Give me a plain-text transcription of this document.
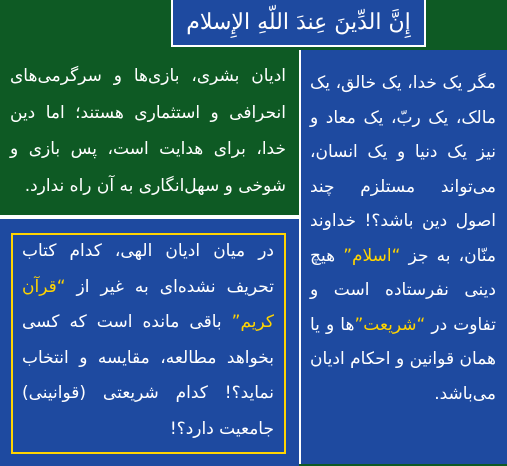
إِنَّ الدِّینَ عِندَ اللّهِ الإِسلام
مگر یک خدا، یک خالق، یک مالک، یک ربّ، یک معاد و نیز یک دنیا و یک انسان، می‌تواند مستلزم چند اصول دین باشد؟! خداوند منّان، به جز “اسلام” هیچ دینی نفرستاده است و تفاوت در “شریعت”ها و یا همان قوانین و احکام ادیان می‌باشد.
ادیان بشری، بازی‌ها و سرگرمی‌های انحرافی و استثماری هستند؛ اما دین خدا، برای هدایت است، پس بازی و شوخی و سهل‌انگاری به آن راه ندارد.
در میان ادیان الهی، کدام کتاب تحریف نشده‌ای به غیر از “قرآن کریم” باقی مانده است که کسی بخواهد مطالعه، مقایسه و انتخاب نماید؟! کدام شریعتی (قوانینی) جامعیت دارد؟!
